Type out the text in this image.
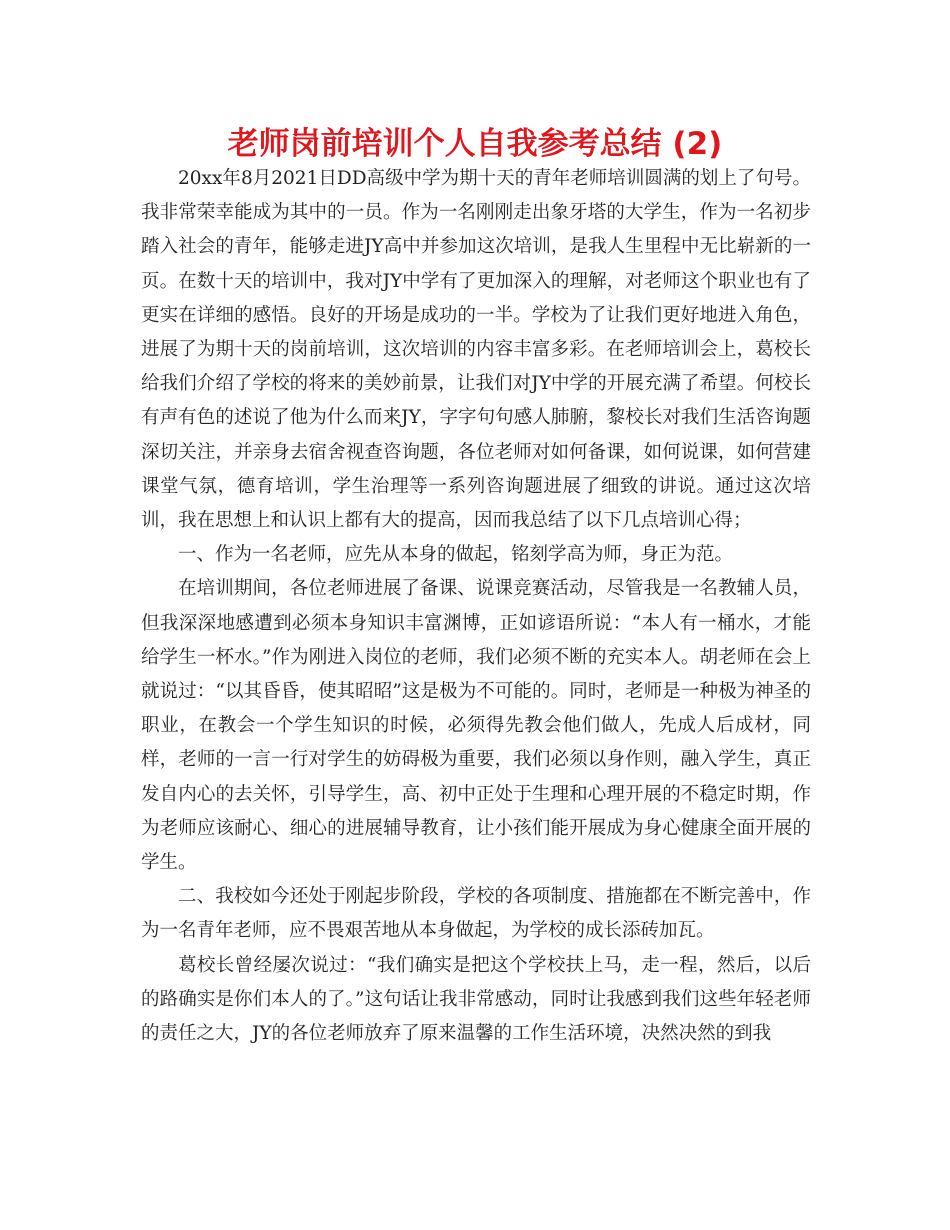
老师岗前培训个人自我参考总结 (2)

20xx年8月2021日DD高级中学为期十天的青年老师培训圆满的划上了句号。我非常荣幸能成为其中的一员。作为一名刚刚走出象牙塔的大学生，作为一名初步踏入社会的青年，能够走进JY高中并参加这次培训，是我人生里程中无比崭新的一页。在数十天的培训中，我对JY中学有了更加深入的理解，对老师这个职业也有了更实在详细的感悟。良好的开场是成功的一半。学校为了让我们更好地进入角色，进展了为期十天的岗前培训，这次培训的内容丰富多彩。在老师培训会上，葛校长给我们介绍了学校的将来的美妙前景，让我们对JY中学的开展充满了希望。何校长有声有色的述说了他为什么而来JY，字字句句感人肺腑，黎校长对我们生活咨询题深切关注，并亲身去宿舍视查咨询题，各位老师对如何备课，如何说课，如何营建课堂气氛，德育培训，学生治理等一系列咨询题进展了细致的讲说。通过这次培训，我在思想上和认识上都有大的提高，因而我总结了以下几点培训心得；

一、作为一名老师，应先从本身的做起，铭刻学高为师，身正为范。

在培训期间，各位老师进展了备课、说课竞赛活动，尽管我是一名教辅人员，但我深深地感遭到必须本身知识丰富渊博，正如谚语所说：“本人有一桶水，才能给学生一杯水。”作为刚进入岗位的老师，我们必须不断的充实本人。胡老师在会上就说过：“以其昏昏，使其昭昭”这是极为不可能的。同时，老师是一种极为神圣的职业，在教会一个学生知识的时候，必须得先教会他们做人，先成人后成材，同样，老师的一言一行对学生的妨碍极为重要，我们必须以身作则，融入学生，真正发自内心的去关怀，引导学生，高、初中正处于生理和心理开展的不稳定时期，作为老师应该耐心、细心的进展辅导教育，让小孩们能开展成为身心健康全面开展的学生。

二、我校如今还处于刚起步阶段，学校的各项制度、措施都在不断完善中，作为一名青年老师，应不畏艰苦地从本身做起，为学校的成长添砖加瓦。

葛校长曾经屡次说过：“我们确实是把这个学校扶上马，走一程，然后，以后的路确实是你们本人的了。”这句话让我非常感动，同时让我感到我们这些年轻老师的责任之大，JY的各位老师放弃了原来温馨的工作生活环境，决然决然的到我
